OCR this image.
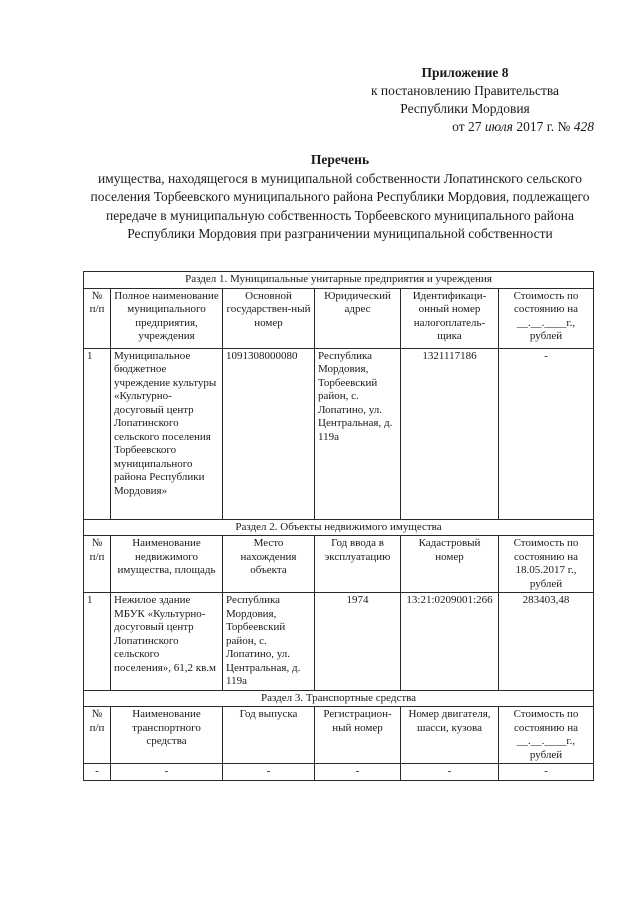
Приложение 8
к постановлению Правительства
Республики Мордовия
от 27 июля 2017 г. № 428
Перечень
имущества, находящегося в муниципальной собственности Лопатинского сельского поселения Торбеевского муниципального района Республики Мордовия, подлежащего передаче в муниципальную собственность Торбеевского муниципального района Республики Мордовия при разграничении муниципальной собственности
Раздел 1. Муниципальные унитарные предприятия и учреждения					
№ п/п	Полное наименование муниципального предприятия, учреждения	Основной государствен-ный номер	Юридический адрес	Идентификаци-онный номер налогоплатель-щика	Стоимость по состоянию на __.__.____г., рублей
1	Муниципальное бюджетное учреждение культуры «Культурно-досуговый центр Лопатинского сельского поселения Торбеевского муниципального района Республики Мордовия»	1091308000080	Республика Мордовия, Торбеевский район, с. Лопатино, ул. Центральная, д. 119а	1321117186	-
Раздел 2. Объекты недвижимого имущества					
№ п/п	Наименование недвижимого имущества, площадь	Место нахождения объекта	Год ввода в эксплуатацию	Кадастровый номер	Стоимость по состоянию на 18.05.2017 г., рублей
1	Нежилое здание МБУК «Культурно-досуговый центр Лопатинского сельского поселения», 61,2 кв.м	Республика Мордовия, Торбеевский район, с. Лопатино, ул. Центральная, д. 119а	1974	13:21:0209001:266	283403,48
Раздел 3. Транспортные средства					
№ п/п	Наименование транспортного средства	Год выпуска	Регистрацион-ный номер	Номер двигателя, шасси, кузова	Стоимость по состоянию на __.__.____г., рублей
-	-	-	-	-	-
